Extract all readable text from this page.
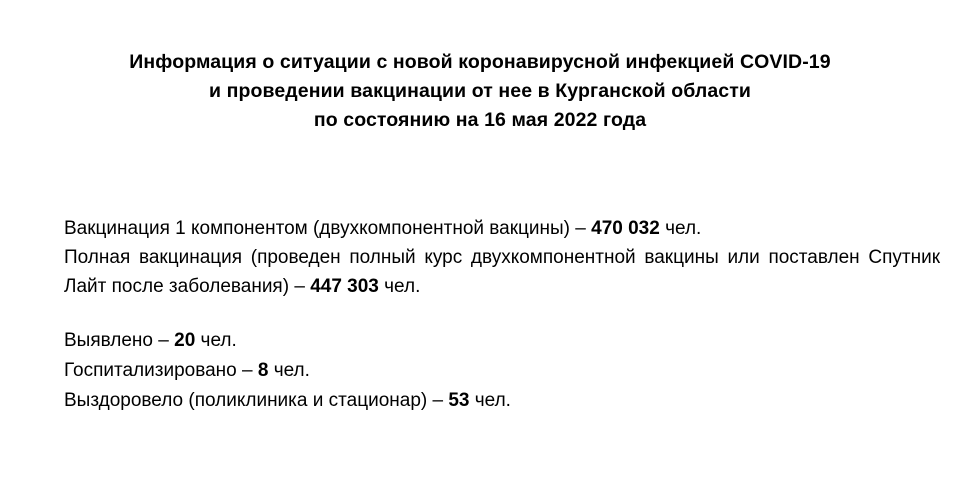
Информация о ситуации с новой коронавирусной инфекцией COVID-19
и проведении вакцинации от нее в Курганской области
по состоянию на 16 мая 2022 года

Вакцинация 1 компонентом (двухкомпонентной вакцины) – 470 032 чел.

Полная вакцинация (проведен полный курс двухкомпонентной вакцины или поставлен Спутник Лайт после заболевания) – 447 303 чел.

Выявлено – 20 чел.

Госпитализировано – 8 чел.

Выздоровело (поликлиника и стационар) – 53 чел.
